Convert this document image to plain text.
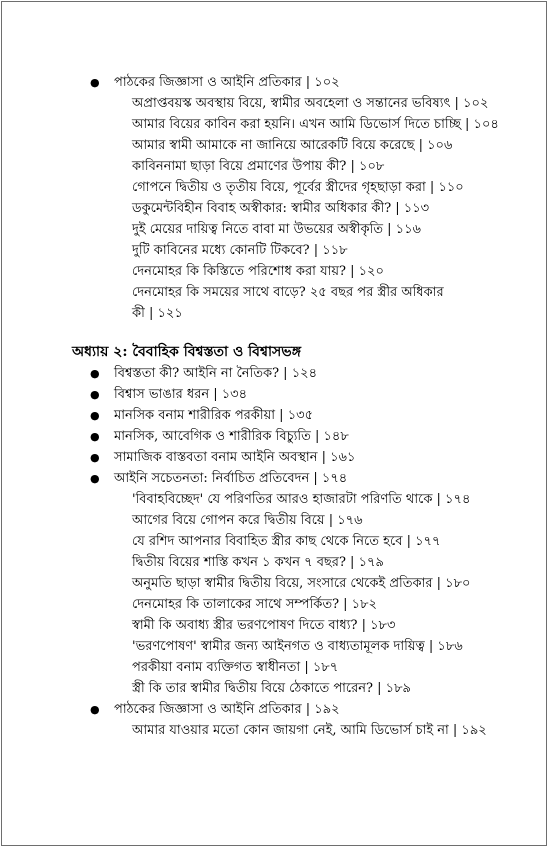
● পাঠকের জিজ্ঞাসা ও আইনি প্রতিকার | ১০২

অপ্রাপ্তবয়স্ক অবস্থায় বিয়ে, স্বামীর অবহেলা ও সন্তানের ভবিষ্যৎ | ১০২

আমার বিয়ের কাবিন করা হয়নি। এখন আমি ডিভোর্স দিতে চাচ্ছি | ১০৪

আমার স্বামী আমাকে না জানিয়ে আরেকটি বিয়ে করেছে | ১০৬

কাবিননামা ছাড়া বিয়ে প্রমাণের উপায় কী? | ১০৮

গোপনে দ্বিতীয় ও তৃতীয় বিয়ে, পূর্বের স্ত্রীদের গৃহছাড়া করা | ১১০

ডকুমেন্টবিহীন বিবাহ অস্বীকার: স্বামীর অধিকার কী? | ১১৩

দুই মেয়ের দায়িত্ব নিতে বাবা মা উভয়ের অস্বীকৃতি | ১১৬

দুটি কাবিনের মধ্যে কোনটি টিকবে? | ১১৮

দেনমোহর কি কিস্তিতে পরিশোধ করা যায়? | ১২০

দেনমোহর কি সময়ের সাথে বাড়ে? ২৫ বছর পর স্ত্রীর অধিকার

কী | ১২১

অধ্যায় ২: বৈবাহিক বিশ্বস্ততা ও বিশ্বাসভঙ্গ

● বিশ্বস্ততা কী? আইনি না নৈতিক? | ১২৪

● বিশ্বাস ভাঙার ধরন | ১৩৪

● মানসিক বনাম শারীরিক পরকীয়া | ১৩৫

● মানসিক, আবেগিক ও শারীরিক বিচ্যুতি | ১৪৮

● সামাজিক বাস্তবতা বনাম আইনি অবস্থান | ১৬১

● আইনি সচেতনতা: নির্বাচিত প্রতিবেদন | ১৭৪

'বিবাহবিচ্ছেদ' যে পরিণতির আরও হাজারটা পরিণতি থাকে | ১৭৪

আগের বিয়ে গোপন করে দ্বিতীয় বিয়ে | ১৭৬

যে রশিদ আপনার বিবাহিত স্ত্রীর কাছ থেকে নিতে হবে | ১৭৭

দ্বিতীয় বিয়ের শাস্তি কখন ১ কখন ৭ বছর? | ১৭৯

অনুমতি ছাড়া স্বামীর দ্বিতীয় বিয়ে, সংসারে থেকেই প্রতিকার | ১৮০

দেনমোহর কি তালাকের সাথে সম্পর্কিত? | ১৮২

স্বামী কি অবাধ্য স্ত্রীর ভরণপোষণ দিতে বাধ্য? | ১৮৩

'ভরণপোষণ' স্বামীর জন্য আইনগত ও বাধ্যতামূলক দায়িত্ব | ১৮৬

পরকীয়া বনাম ব্যক্তিগত স্বাধীনতা | ১৮৭

স্ত্রী কি তার স্বামীর দ্বিতীয় বিয়ে ঠেকাতে পারেন? | ১৮৯

● পাঠকের জিজ্ঞাসা ও আইনি প্রতিকার | ১৯২

আমার যাওয়ার মতো কোন জায়গা নেই, আমি ডিভোর্স চাই না | ১৯২
